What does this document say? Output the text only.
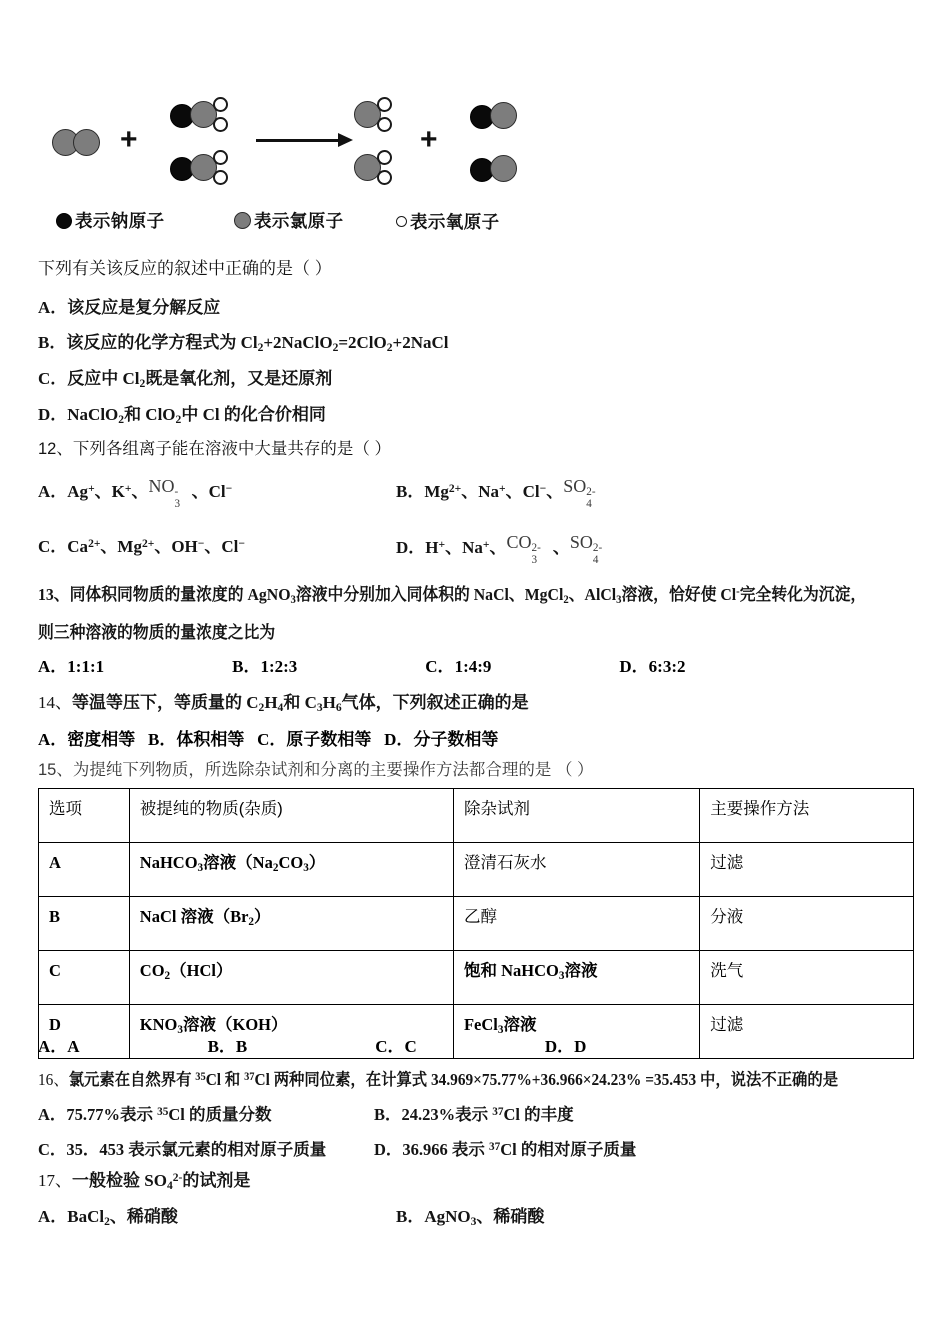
+	+
表示钠原子	表示氯原子	表示氧原子
下列有关该反应的叙述中正确的是（ ）
A．该反应是复分解反应
B．该反应的化学方程式为 $Cl_2+2NaClO_2=2ClO_2+2NaCl$
C．反应中 $Cl_2$既是氧化剂，又是还原剂
D．NaClO$_2$和 ClO$_2$中 Cl 的化合价相同
12、下列各组离子能在溶液中大量共存的是（ ）
A．Ag+、K+、NO -
3
、Cl−	B．$Mg^{2+}$、Na+、Cl−、SO 2-
4
C．$Ca^{2+}$、$Mg^{2+}$、OH−、Cl−	D．H+、Na+、CO 2-
3
、SO 2-
4
13、同体积同物质的量浓度的 AgNO$_3$溶液中分别加入同体积的 NaCl、MgCl$_2$、AlCl$_3$溶液，恰好使 Cl-完全转化为沉淀，
则三种溶液的物质的量浓度之比为
A．1:1:1	B．1:2:3	C．1:4:9	D．6:3:2
14、等温等压下，等质量的 $C_2H_4$和 $C_3H_6$气体，下列叙述正确的是
A．密度相等 B．体积相等 C．原子数相等 D．分子数相等
15、为提纯下列物质，所选除杂试剂和分离的主要操作方法都合理的是 （ ）
选项	被提纯的物质(杂质)	除杂试剂	主要操作方法
A	NaHCO$_3$溶液$(Na_2CO_3)$	澄清石灰水	过滤
B	NaCl 溶液$(Br_2)$	乙醇	分液
C	$CO_2(HCl)$	饱和 NaHCO$_3$溶液	洗气
D	$KNO_3$溶液（KOH）	FeCl$_3$溶液	过滤
A．A	B．B	C．C	D．D
16、氯元素在自然界有 $^{35}$Cl 和 $^{37}$Cl 两种同位素，在计算式 34.969×75.77%+36.966×24.23% =35.453 中，说法不正确的是
A．75.77%表示 $^{35}$Cl 的质量分数	B．24.23%表示 $^{37}$Cl 的丰度
C．35．453 表示氯元素的相对原子质量	D．36.966 表示 $^{37}$Cl 的相对原子质量
17、一般检验 $SO_4^{2-}$的试剂是
A．BaCl$_2$、稀硝酸	B．AgNO$_3$、稀硝酸
